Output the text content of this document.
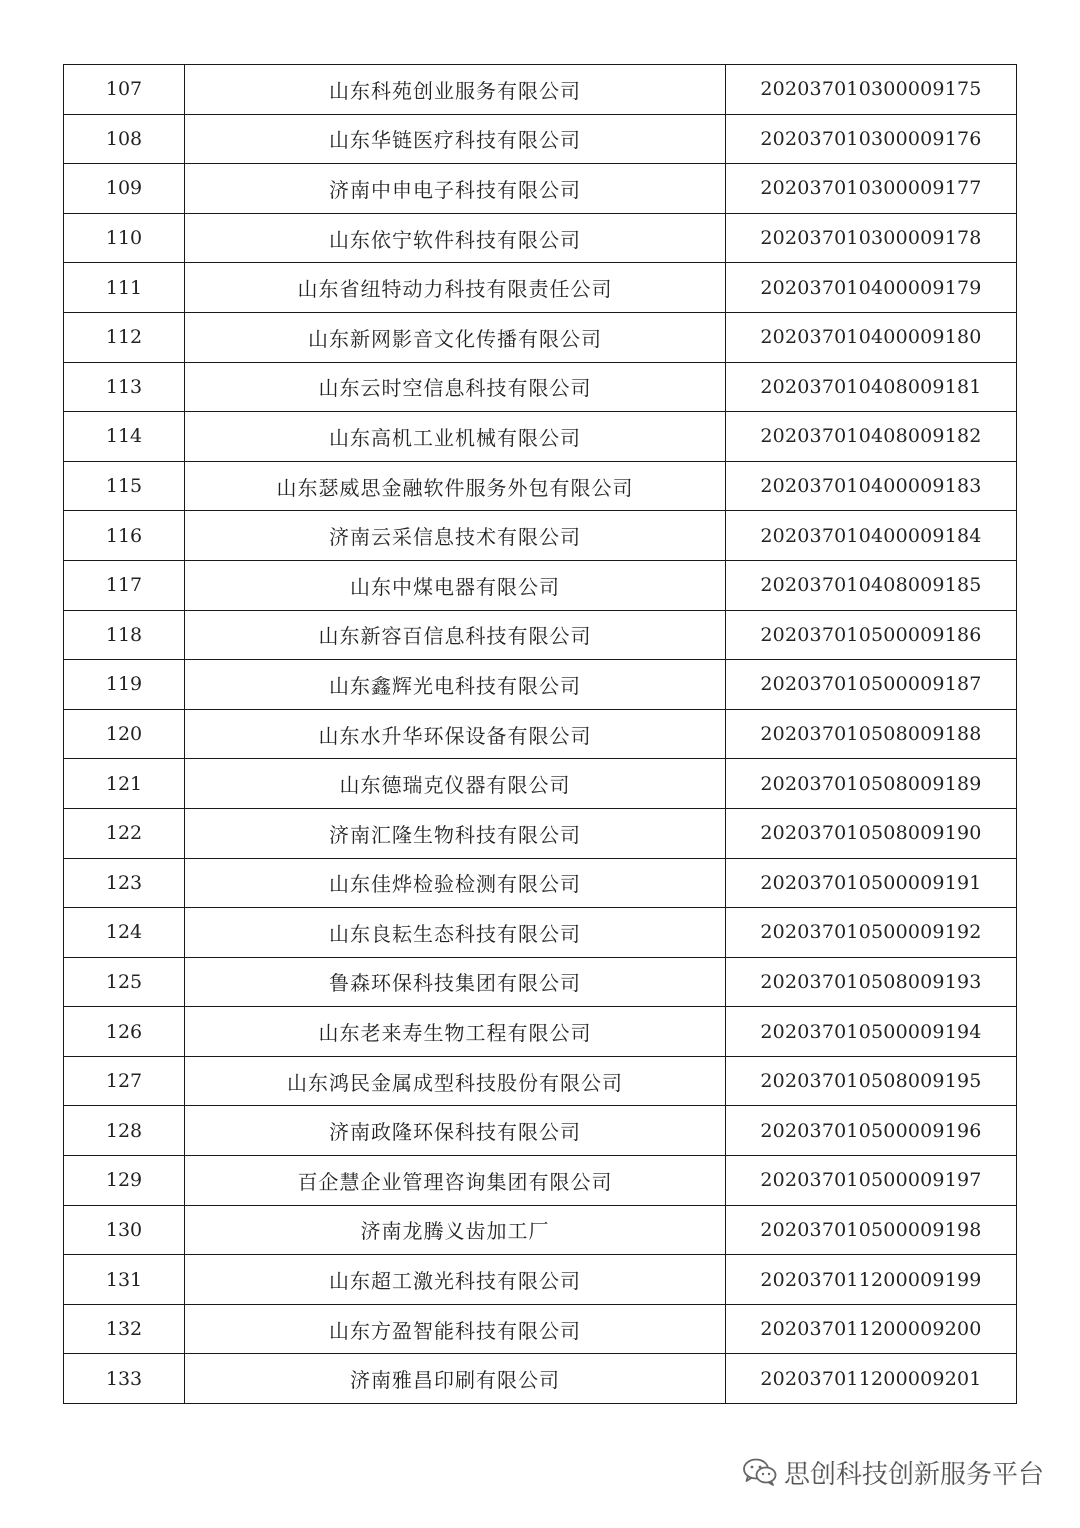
107	山东科苑创业服务有限公司	202037010300009175
108	山东华链医疗科技有限公司	202037010300009176
109	济南中申电子科技有限公司	202037010300009177
110	山东依宁软件科技有限公司	202037010300009178
111	山东省纽特动力科技有限责任公司	202037010400009179
112	山东新网影音文化传播有限公司	202037010400009180
113	山东云时空信息科技有限公司	202037010408009181
114	山东高机工业机械有限公司	202037010408009182
115	山东瑟威思金融软件服务外包有限公司	202037010400009183
116	济南云采信息技术有限公司	202037010400009184
117	山东中煤电器有限公司	202037010408009185
118	山东新容百信息科技有限公司	202037010500009186
119	山东鑫辉光电科技有限公司	202037010500009187
120	山东水升华环保设备有限公司	202037010508009188
121	山东德瑞克仪器有限公司	202037010508009189
122	济南汇隆生物科技有限公司	202037010508009190
123	山东佳烨检验检测有限公司	202037010500009191
124	山东良耘生态科技有限公司	202037010500009192
125	鲁森环保科技集团有限公司	202037010508009193
126	山东老来寿生物工程有限公司	202037010500009194
127	山东鸿民金属成型科技股份有限公司	202037010508009195
128	济南政隆环保科技有限公司	202037010500009196
129	百企慧企业管理咨询集团有限公司	202037010500009197
130	济南龙腾义齿加工厂	202037010500009198
131	山东超工激光科技有限公司	202037011200009199
132	山东方盈智能科技有限公司	202037011200009200
133	济南雅昌印刷有限公司	202037011200009201
思创科技创新服务平台
